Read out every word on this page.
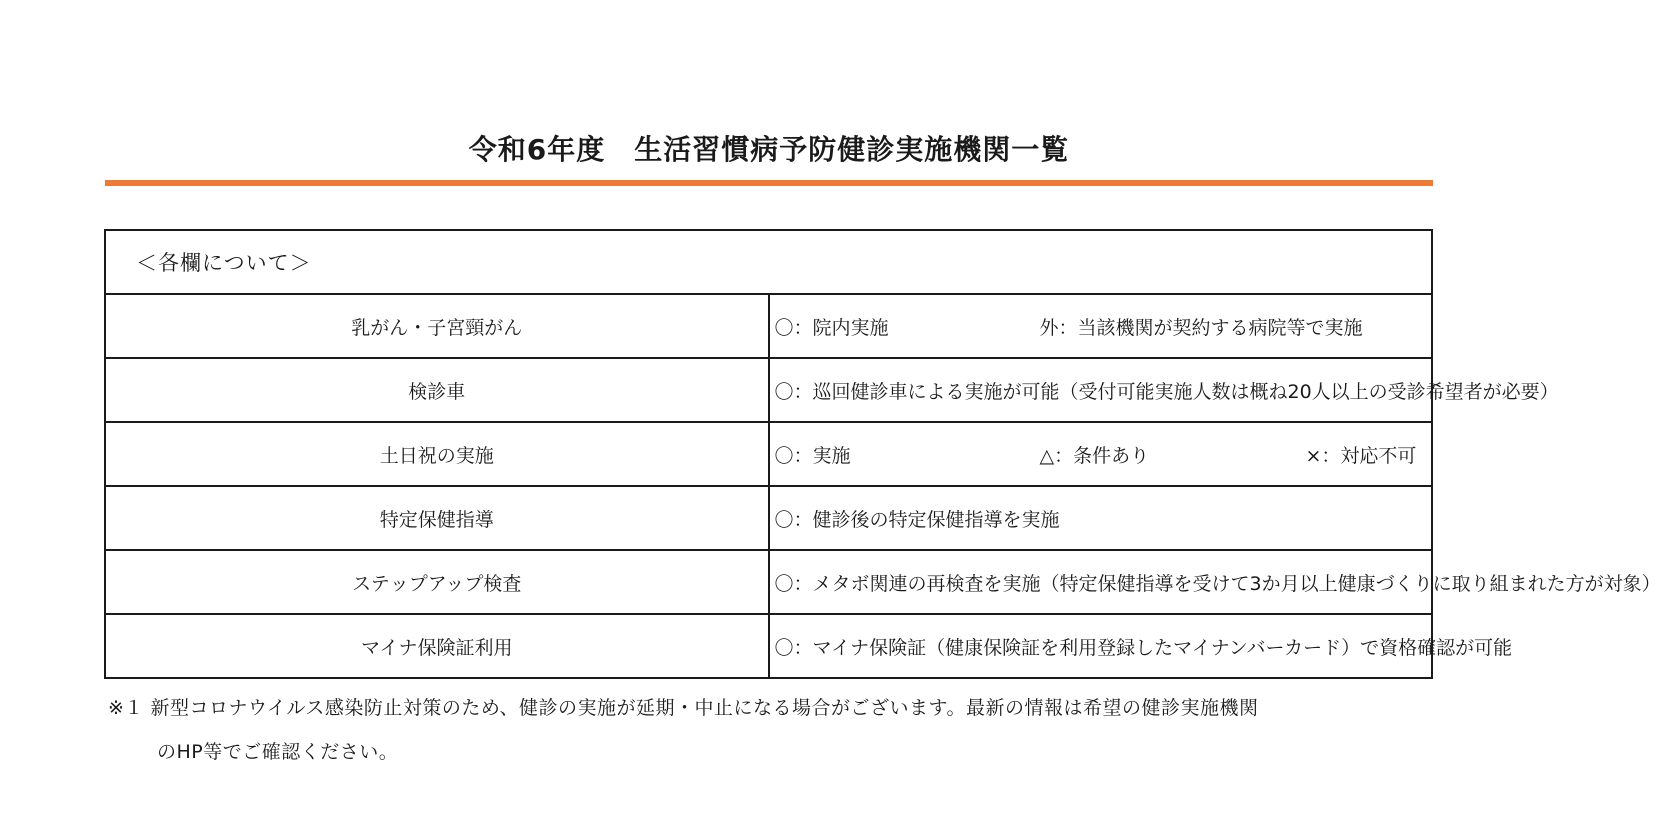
令和6年度　生活習慣病予防健診実施機関一覧
＜各欄について＞	
乳がん・子宮頸がん	〇：院内実施 外：当該機関が契約する病院等で実施
検診車	〇：巡回健診車による実施が可能（受付可能実施人数は概ね20人以上の受診希望者が必要）
土日祝の実施	〇：実施 △：条件あり ×：対応不可
特定保健指導	〇：健診後の特定保健指導を実施
ステップアップ検査	〇：メタボ関連の再検査を実施（特定保健指導を受けて3か月以上健康づくりに取り組まれた方が対象）
マイナ保険証利用	〇：マイナ保険証（健康保険証を利用登録したマイナンバーカード）で資格確認が可能
※１ 新型コロナウイルス感染防止対策のため、健診の実施が延期・中止になる場合がございます。最新の情報は希望の健診実施機関
のHP等でご確認ください。
